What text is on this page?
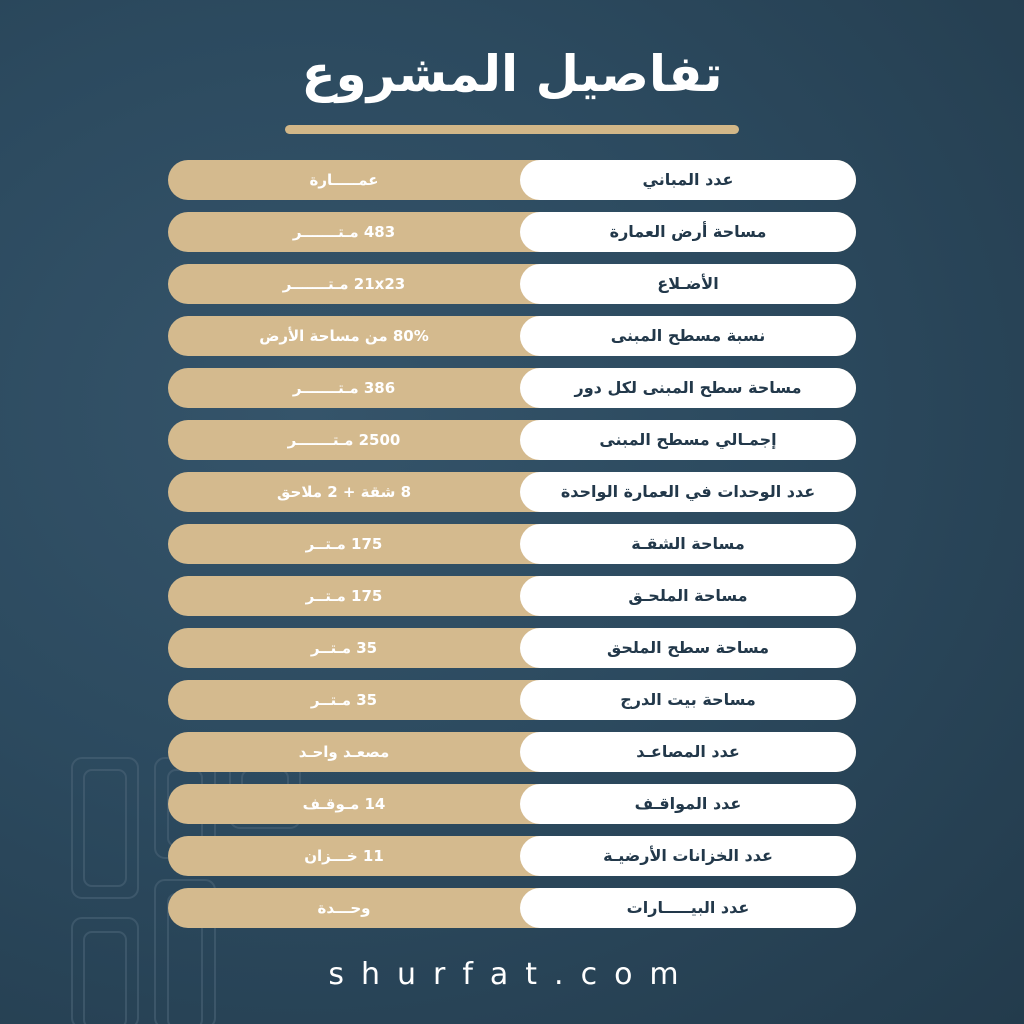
تفاصيل المشروع
عمـــــارة	عدد المباني
483 مـتـــــــر	مساحة أرض العمارة
21x23 مـتـــــــر	الأضـلاع
80% من مساحة الأرض	نسبة مسطح المبنى
386 مـتـــــــر	مساحة سطح المبنى لكل دور
2500 مـتـــــــر	إجمـالي مسطح المبنى
8 شقة + 2 ملاحق	عدد الوحدات في العمارة الواحدة
175 مـتــر	مساحة الشقـة
175 مـتــر	مساحة الملحـق
35 مـتــر	مساحة سطح الملحق
35 مـتــر	مساحة بيت الدرج
مصعـد واحـد	عدد المصاعـد
14 مـوقـف	عدد المواقـف
11 خـــزان	عدد الخزانات الأرضيـة
وحـــدة	عدد البيـــــارات
shurfat.com
